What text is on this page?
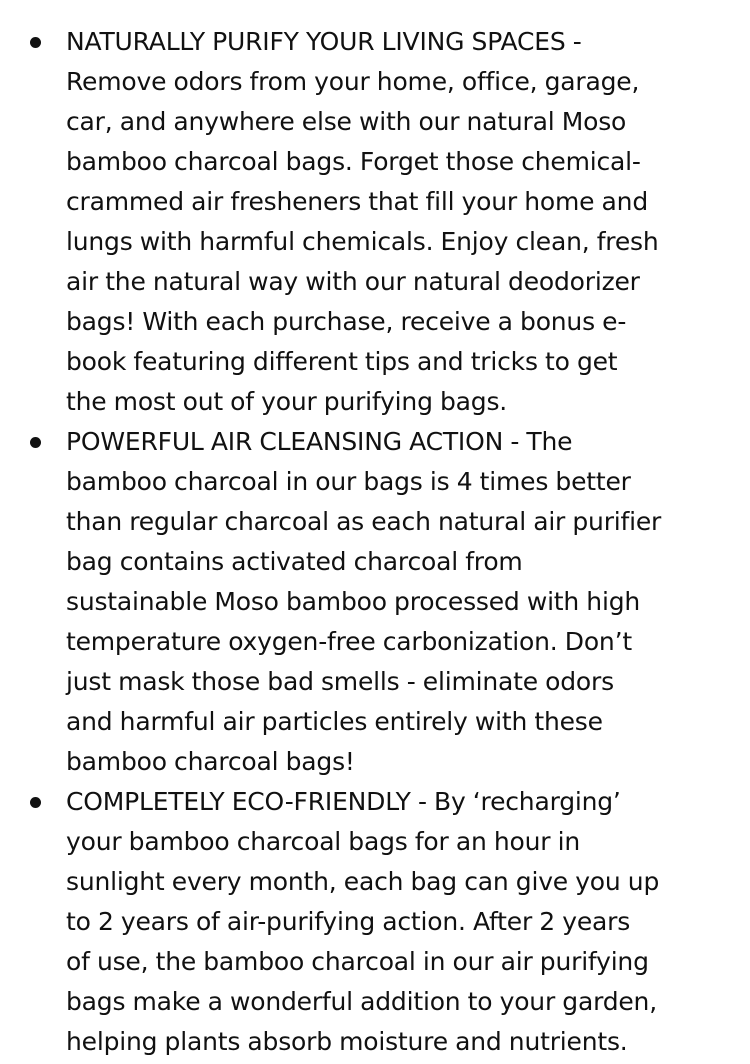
NATURALLY PURIFY YOUR LIVING SPACES -
Remove odors from your home, office, garage,
car, and anywhere else with our natural Moso
bamboo charcoal bags. Forget those chemical-
crammed air fresheners that fill your home and
lungs with harmful chemicals. Enjoy clean, fresh
air the natural way with our natural deodorizer
bags! With each purchase, receive a bonus e-
book featuring different tips and tricks to get
the most out of your purifying bags.
POWERFUL AIR CLEANSING ACTION - The
bamboo charcoal in our bags is 4 times better
than regular charcoal as each natural air purifier
bag contains activated charcoal from
sustainable Moso bamboo processed with high
temperature oxygen-free carbonization. Don’t
just mask those bad smells - eliminate odors
and harmful air particles entirely with these
bamboo charcoal bags!
COMPLETELY ECO-FRIENDLY - By ‘recharging’
your bamboo charcoal bags for an hour in
sunlight every month, each bag can give you up
to 2 years of air-purifying action. After 2 years
of use, the bamboo charcoal in our air purifying
bags make a wonderful addition to your garden,
helping plants absorb moisture and nutrients.
